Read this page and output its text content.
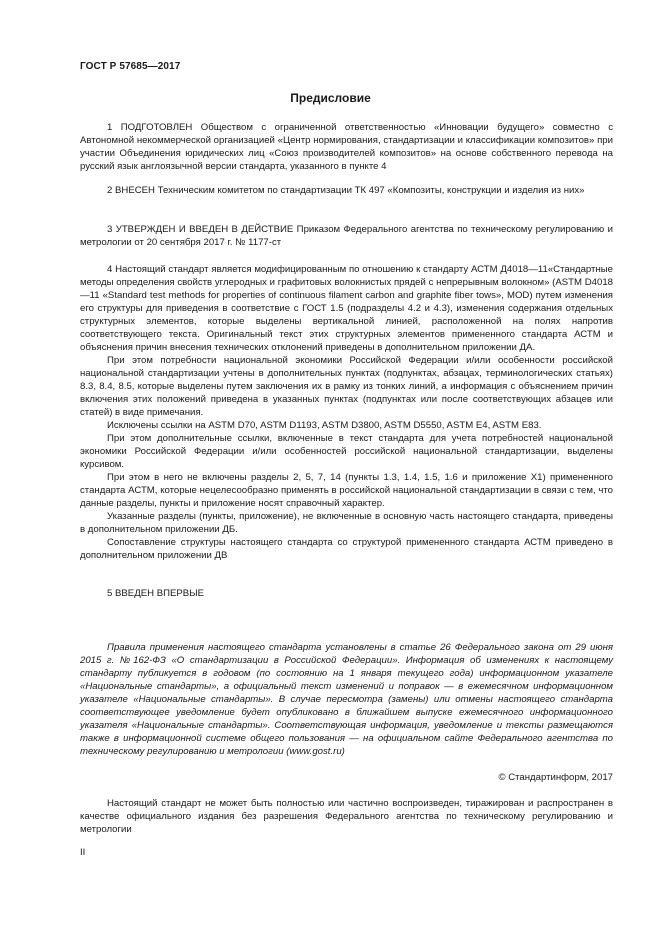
ГОСТ Р 57685—2017
Предисловие

1 ПОДГОТОВЛЕН Обществом с ограниченной ответственностью «Инновации будущего» совместно с Автономной некоммерческой организацией «Центр нормирования, стандартизации и классификации композитов» при участии Объединения юридических лиц «Союз производителей композитов» на основе собственного перевода на русский язык англоязычной версии стандарта, указанного в пункте 4

2 ВНЕСЕН Техническим комитетом по стандартизации ТК 497 «Композиты, конструкции и изделия из них»

3 УТВЕРЖДЕН И ВВЕДЕН В ДЕЙСТВИЕ Приказом Федерального агентства по техническому регулированию и метрологии от 20 сентября 2017 г. № 1177-ст

4 Настоящий стандарт является модифицированным по отношению к стандарту АСТМ Д4018—11«Стандартные методы определения свойств углеродных и графитовых волокнистых прядей с непрерывным волокном» (ASTM D4018—11 «Standard test methods for properties of continuous filament carbon and graphite fiber tows», MOD) путем изменения его структуры для приведения в соответствие с ГОСТ 1.5 (подразделы 4.2 и 4.3), изменения содержания отдельных структурных элементов, которые выделены вертикальной линией, расположенной на полях напротив соответствующего текста. Оригинальный текст этих структурных элементов примененного стандарта АСТМ и объяснения причин внесения технических отклонений приведены в дополнительном приложении ДА.

При этом потребности национальной экономики Российской Федерации и/или особенности российской национальной стандартизации учтены в дополнительных пунктах (подпунктах, абзацах, терминологических статьях) 8.3, 8.4, 8.5, которые выделены путем заключения их в рамку из тонких линий, а информация с объяснением причин включения этих положений приведена в указанных пунктах (подпунктах или после соответствующих абзацев или статей) в виде примечания.

Исключены ссылки на ASTM D70, ASTM D1193, ASTM D3800, ASTM D5550, ASTM E4, ASTM E83.

При этом дополнительные ссылки, включенные в текст стандарта для учета потребностей национальной экономики Российской Федерации и/или особенностей российской национальной стандартизации, выделены курсивом.

При этом в него не включены разделы 2, 5, 7, 14 (пункты 1.3, 1.4, 1.5, 1.6 и приложение X1) примененного стандарта АСТМ, которые нецелесообразно применять в российской национальной стандартизации в связи с тем, что данные разделы, пункты и приложение носят справочный характер.

Указанные разделы (пункты, приложение), не включенные в основную часть настоящего стандарта, приведены в дополнительном приложении ДБ.

Сопоставление структуры настоящего стандарта со структурой примененного стандарта АСТМ приведено в дополнительном приложении ДВ

5 ВВЕДЕН ВПЕРВЫЕ

Правила применения настоящего стандарта установлены в статье 26 Федерального закона от 29 июня 2015 г. №162-ФЗ «О стандартизации в Российской Федерации». Информация об изменениях к настоящему стандарту публикуется в годовом (по состоянию на 1 января текущего года) информационном указателе «Национальные стандарты», а официальный текст изменений и поправок — в ежемесячном информационном указателе «Национальные стандарты». В случае пересмотра (замены) или отмены настоящего стандарта соответствующее уведомление будет опубликовано в ближайшем выпуске ежемесячного информационного указателя «Национальные стандарты». Соответствующая информация, уведомление и тексты размещаются также в информационной системе общего пользования — на официальном сайте Федерального агентства по техническому регулированию и метрологии (www.gost.ru)

© Стандартинформ, 2017

Настоящий стандарт не может быть полностью или частично воспроизведен, тиражирован и распространен в качестве официального издания без разрешения Федерального агентства по техническому регулированию и метрологии

II
